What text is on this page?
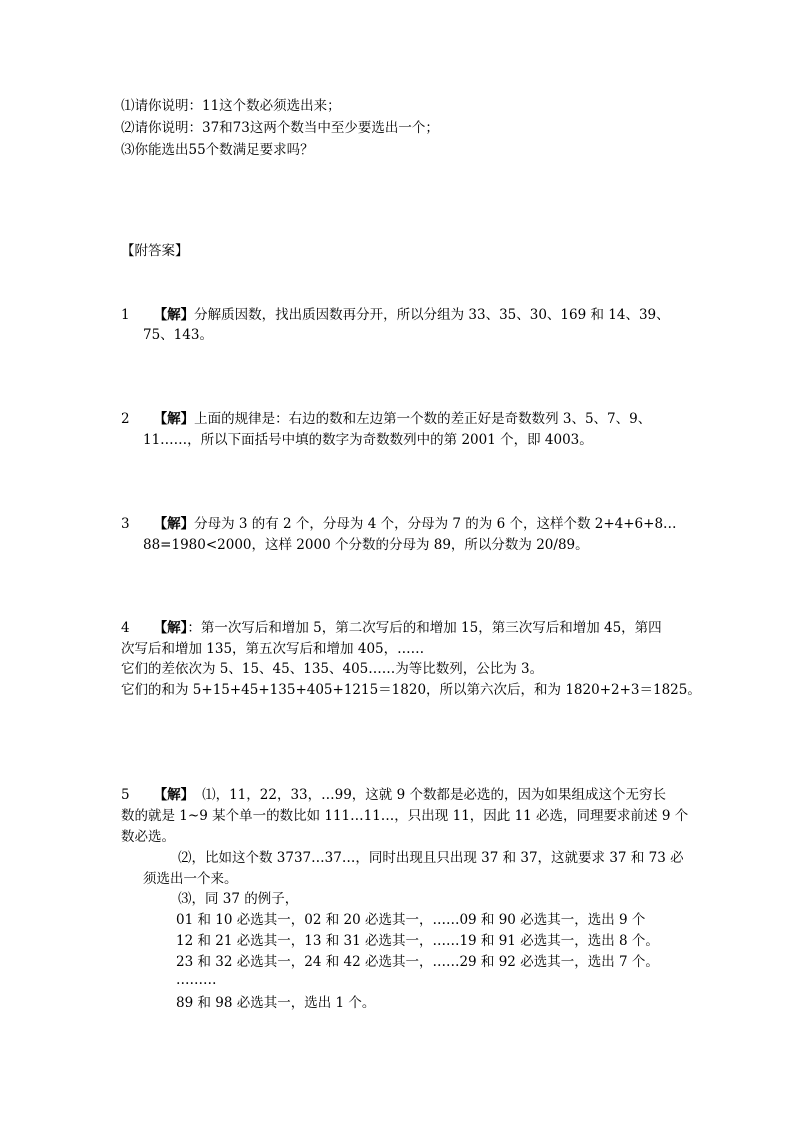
⑴请你说明：11这个数必须选出来；
⑵请你说明：37和73这两个数当中至少要选出一个；
⑶你能选出55个数满足要求吗？
【附答案】
1 【解】分解质因数，找出质因数再分开，所以分组为 33、35、30、169 和 14、39、
75、143。
2 【解】上面的规律是：右边的数和左边第一个数的差正好是奇数数列 3、5、7、9、
11……，所以下面括号中填的数字为奇数数列中的第 2001 个，即 4003。
3 【解】分母为 3 的有 2 个，分母为 4 个，分母为 7 的为 6 个，这样个数 2+4+6+8…
88=1980<2000，这样 2000 个分数的分母为 89，所以分数为 20/89。
4 【解】：第一次写后和增加 5，第二次写后的和增加 15，第三次写后和增加 45，第四
次写后和增加 135，第五次写后和增加 405，……
它们的差依次为 5、15、45、135、405……为等比数列，公比为 3。
它们的和为 5+15+45+135+405+1215＝1820，所以第六次后，和为 1820+2+3＝1825。
5 【解】 ⑴，11，22，33，…99，这就 9 个数都是必选的，因为如果组成这个无穷长
数的就是 1~9 某个单一的数比如 111…11…，只出现 11，因此 11 必选，同理要求前述 9 个
数必选。
⑵，比如这个数 3737…37…，同时出现且只出现 37 和 37，这就要求 37 和 73 必
须选出一个来。
⑶，同 37 的例子，
01 和 10 必选其一，02 和 20 必选其一，……09 和 90 必选其一，选出 9 个
12 和 21 必选其一，13 和 31 必选其一，……19 和 91 必选其一，选出 8 个。
23 和 32 必选其一，24 和 42 必选其一，……29 和 92 必选其一，选出 7 个。
………
89 和 98 必选其一，选出 1 个。
